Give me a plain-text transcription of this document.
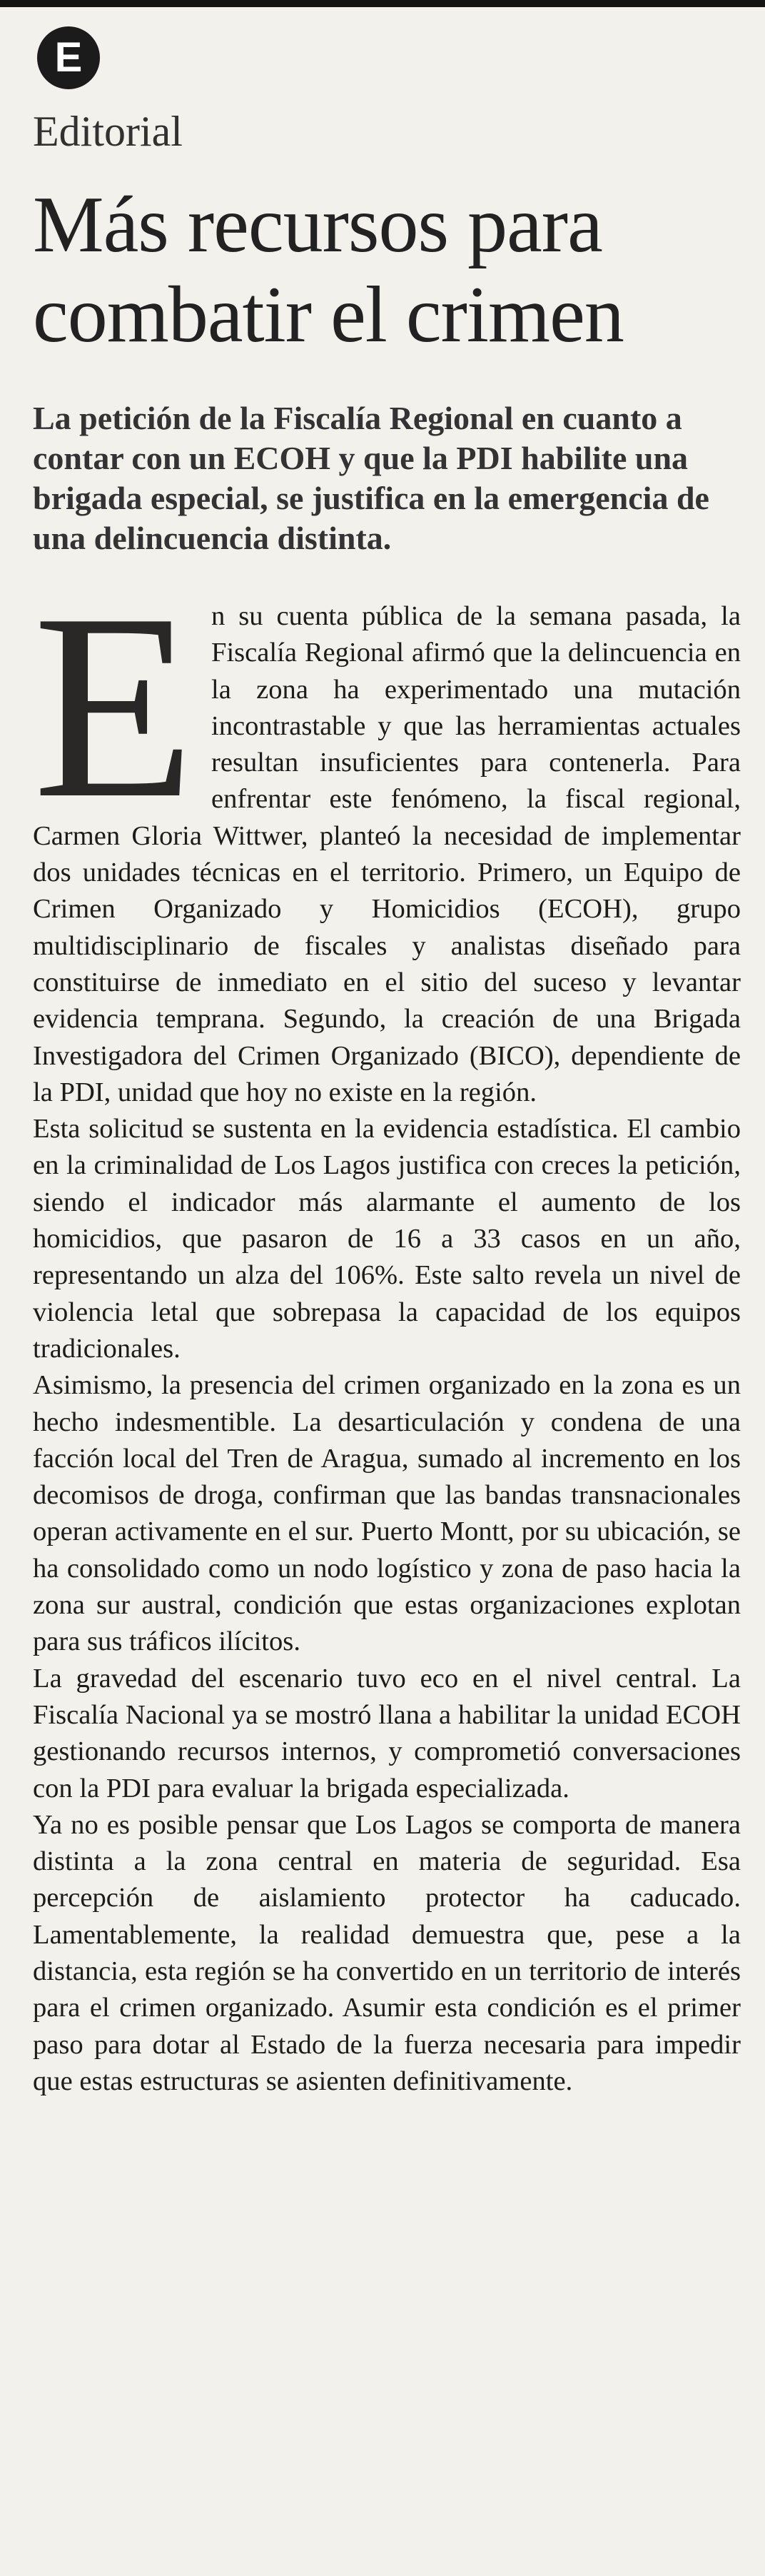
E
Editorial
Más recursos para combatir el crimen
La petición de la Fiscalía Regional en cuanto a contar con un ECOH y que la PDI habilite una brigada especial, se justifica en la emergencia de una delincuencia distinta.
E n su cuenta pública de la semana pasada, la Fiscalía Regional afirmó que la delincuencia en la zona ha experimentado una mutación incontrastable y que las herramientas actuales resultan insuficientes para contenerla. Para enfrentar este fenómeno, la fiscal regional, Carmen Gloria Wittwer, planteó la necesidad de implementar dos unidades técnicas en el territorio. Primero, un Equipo de Crimen Organizado y Homicidios (ECOH), grupo multidisciplinario de fiscales y analistas diseñado para constituirse de inmediato en el sitio del suceso y levantar evidencia temprana. Segundo, la creación de una Brigada Investigadora del Crimen Organizado (BICO), dependiente de la PDI, unidad que hoy no existe en la región.

Esta solicitud se sustenta en la evidencia estadística. El cambio en la criminalidad de Los Lagos justifica con creces la petición, siendo el indicador más alarmante el aumento de los homicidios, que pasaron de 16 a 33 casos en un año, representando un alza del 106%. Este salto revela un nivel de violencia letal que sobrepasa la capacidad de los equipos tradicionales.

Asimismo, la presencia del crimen organizado en la zona es un hecho indesmentible. La desarticulación y condena de una facción local del Tren de Aragua, sumado al incremento en los decomisos de droga, confirman que las bandas transnacionales operan activamente en el sur. Puerto Montt, por su ubicación, se ha consolidado como un nodo logístico y zona de paso hacia la zona sur austral, condición que estas organizaciones explotan para sus tráficos ilícitos.

La gravedad del escenario tuvo eco en el nivel central. La Fiscalía Nacional ya se mostró llana a habilitar la unidad ECOH gestionando recursos internos, y comprometió conversaciones con la PDI para evaluar la brigada especializada.

Ya no es posible pensar que Los Lagos se comporta de manera distinta a la zona central en materia de seguridad. Esa percepción de aislamiento protector ha caducado. Lamentablemente, la realidad demuestra que, pese a la distancia, esta región se ha convertido en un territorio de interés para el crimen organizado. Asumir esta condición es el primer paso para dotar al Estado de la fuerza necesaria para impedir que estas estructuras se asienten definitivamente.
